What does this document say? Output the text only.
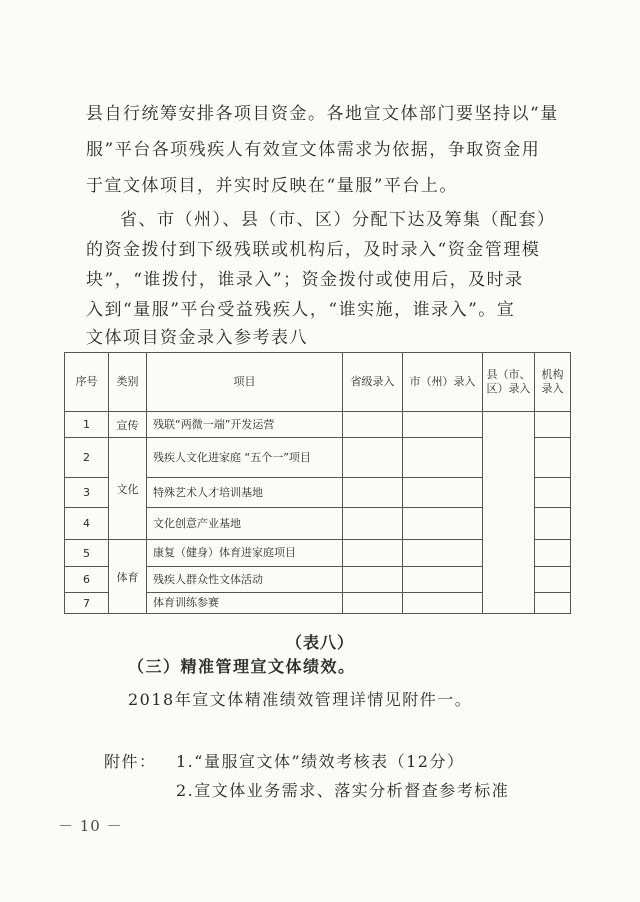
县自行统筹安排各项目资金。各地宣文体部门要坚持以“量
服”平台各项残疾人有效宣文体需求为依据，争取资金用
于宣文体项目，并实时反映在“量服”平台上。
省、市（州）、县（市、区）分配下达及筹集（配套）
的资金拨付到下级残联或机构后，及时录入“资金管理模
块”，“谁拨付，谁录入”；资金拨付或使用后，及时录
入到“量服”平台受益残疾人，“谁实施，谁录入”。宣
文体项目资金录入参考表八
序号	类别	项目	省级录入	市（州）录入	县（市、区）录入	机构录入
1	宣传	残联“两微一端”开发运营				
2	文化	残疾人文化进家庭 “五个一”项目				
3		特殊艺术人才培训基地				
4		文化创意产业基地				
5	体育	康复（健身）体育进家庭项目				
6		残疾人群众性文体活动				
7		体育训练参赛				
（表八）
（三）精准管理宣文体绩效。
2018年宣文体精准绩效管理详情见附件一。
附件： 1.“量服宣文体”绩效考核表（12分）
2.宣文体业务需求、落实分析督查参考标准
－ 10 －
